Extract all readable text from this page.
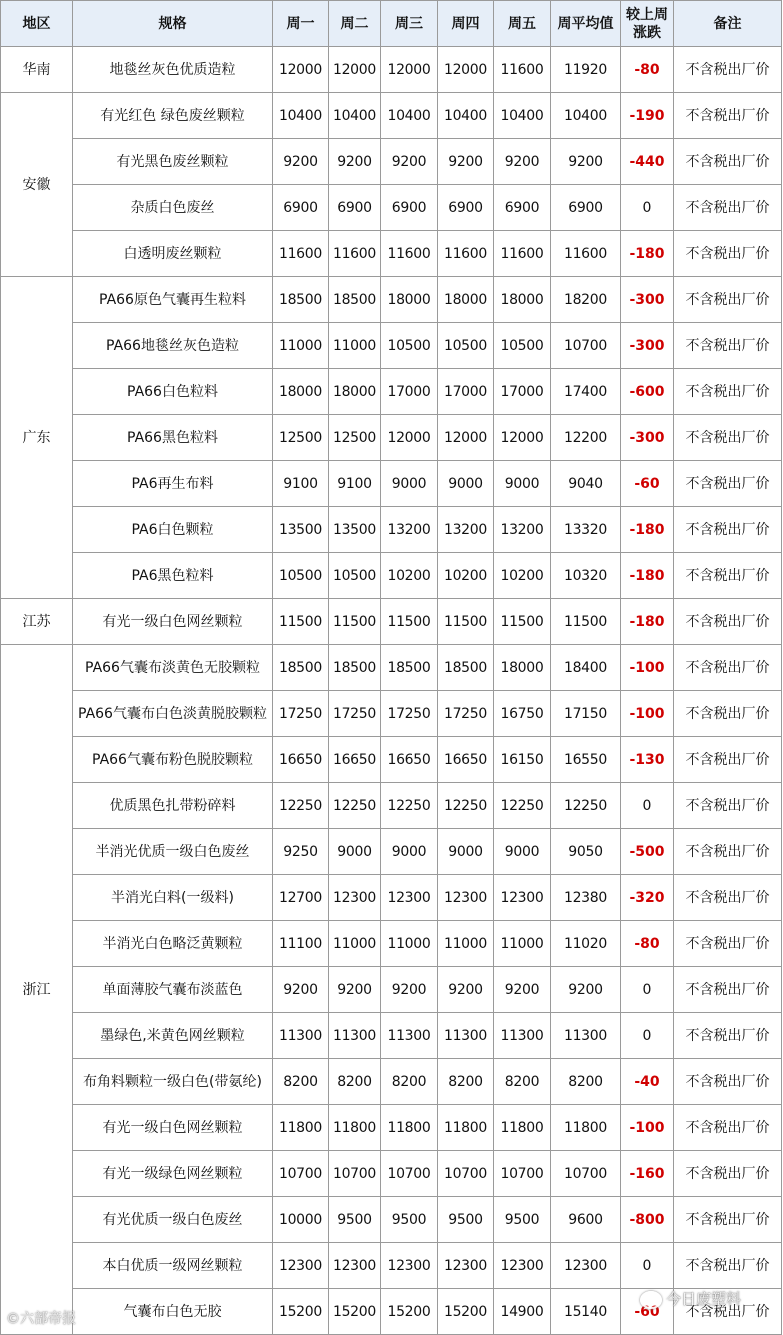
地区	规格	周一	周二	周三	周四	周五	周平均值	较上周涨跌	备注
华南	地毯丝灰色优质造粒	12000	12000	12000	12000	11600	11920	-80	不含税出厂价
安徽	有光红色 绿色废丝颗粒	10400	10400	10400	10400	10400	10400	-190	不含税出厂价
	有光黑色废丝颗粒	9200	9200	9200	9200	9200	9200	-440	不含税出厂价
	杂质白色废丝	6900	6900	6900	6900	6900	6900	0	不含税出厂价
	白透明废丝颗粒	11600	11600	11600	11600	11600	11600	-180	不含税出厂价
广东	PA66原色气囊再生粒料	18500	18500	18000	18000	18000	18200	-300	不含税出厂价
	PA66地毯丝灰色造粒	11000	11000	10500	10500	10500	10700	-300	不含税出厂价
	PA66白色粒料	18000	18000	17000	17000	17000	17400	-600	不含税出厂价
	PA66黑色粒料	12500	12500	12000	12000	12000	12200	-300	不含税出厂价
	PA6再生布料	9100	9100	9000	9000	9000	9040	-60	不含税出厂价
	PA6白色颗粒	13500	13500	13200	13200	13200	13320	-180	不含税出厂价
	PA6黑色粒料	10500	10500	10200	10200	10200	10320	-180	不含税出厂价
江苏	有光一级白色网丝颗粒	11500	11500	11500	11500	11500	11500	-180	不含税出厂价
浙江	PA66气囊布淡黄色无胶颗粒	18500	18500	18500	18500	18000	18400	-100	不含税出厂价
	PA66气囊布白色淡黄脱胶颗粒	17250	17250	17250	17250	16750	17150	-100	不含税出厂价
	PA66气囊布粉色脱胶颗粒	16650	16650	16650	16650	16150	16550	-130	不含税出厂价
	优质黑色扎带粉碎料	12250	12250	12250	12250	12250	12250	0	不含税出厂价
	半消光优质一级白色废丝	9250	9000	9000	9000	9000	9050	-500	不含税出厂价
	半消光白料(一级料)	12700	12300	12300	12300	12300	12380	-320	不含税出厂价
	半消光白色略泛黄颗粒	11100	11000	11000	11000	11000	11020	-80	不含税出厂价
	单面薄胶气囊布淡蓝色	9200	9200	9200	9200	9200	9200	0	不含税出厂价
	墨绿色,米黄色网丝颗粒	11300	11300	11300	11300	11300	11300	0	不含税出厂价
	布角料颗粒一级白色(带氨纶)	8200	8200	8200	8200	8200	8200	-40	不含税出厂价
	有光一级白色网丝颗粒	11800	11800	11800	11800	11800	11800	-100	不含税出厂价
	有光一级绿色网丝颗粒	10700	10700	10700	10700	10700	10700	-160	不含税出厂价
	有光优质一级白色废丝	10000	9500	9500	9500	9500	9600	-800	不含税出厂价
	本白优质一级网丝颗粒	12300	12300	12300	12300	12300	12300	0	不含税出厂价
	气囊布白色无胶	15200	15200	15200	15200	14900	15140	-60	不含税出厂价
©六部帝报
今日废塑料
